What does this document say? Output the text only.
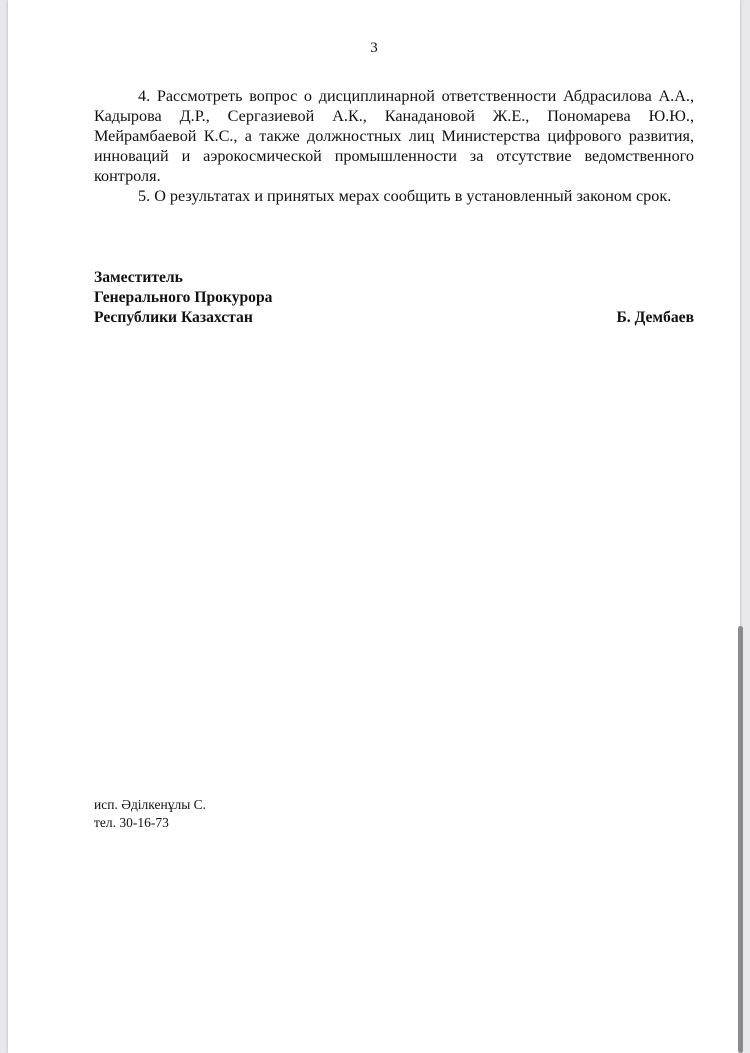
3

4. Рассмотреть вопрос о дисциплинарной ответственности Абдрасилова А.А., Кадырова Д.Р., Сергазиевой А.К., Канадановой Ж.Е., Пономарева Ю.Ю., Мейрамбаевой К.С., а также должностных лиц Министерства цифрового развития, инноваций и аэрокосмической промышленности за отсутствие ведомственного контроля.

5. О результатах и принятых мерах сообщить в установленный законом срок.

Заместитель
Генерального Прокурора
Республики Казахстан	Б. Дембаев
исп. Әділкенұлы С.
тел. 30-16-73
